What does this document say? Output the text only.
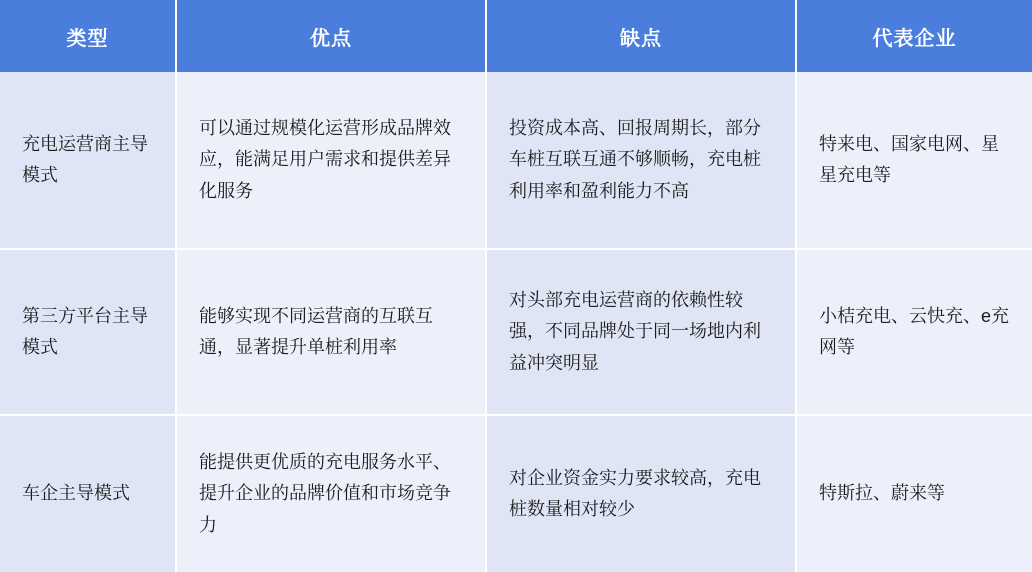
类型	优点	缺点	代表企业

充电运营商主导模式	可以通过规模化运营形成品牌效应，能满足用户需求和提供差异化服务	投资成本高、回报周期长，部分车桩互联互通不够顺畅，充电桩利用率和盈利能力不高	特来电、国家电网、星星充电等

第三方平台主导模式	能够实现不同运营商的互联互通，显著提升单桩利用率	对头部充电运营商的依赖性较强，不同品牌处于同一场地内利益冲突明显	小桔充电、云快充、e充网等

车企主导模式	能提供更优质的充电服务水平、提升企业的品牌价值和市场竞争力	对企业资金实力要求较高，充电桩数量相对较少	特斯拉、蔚来等
